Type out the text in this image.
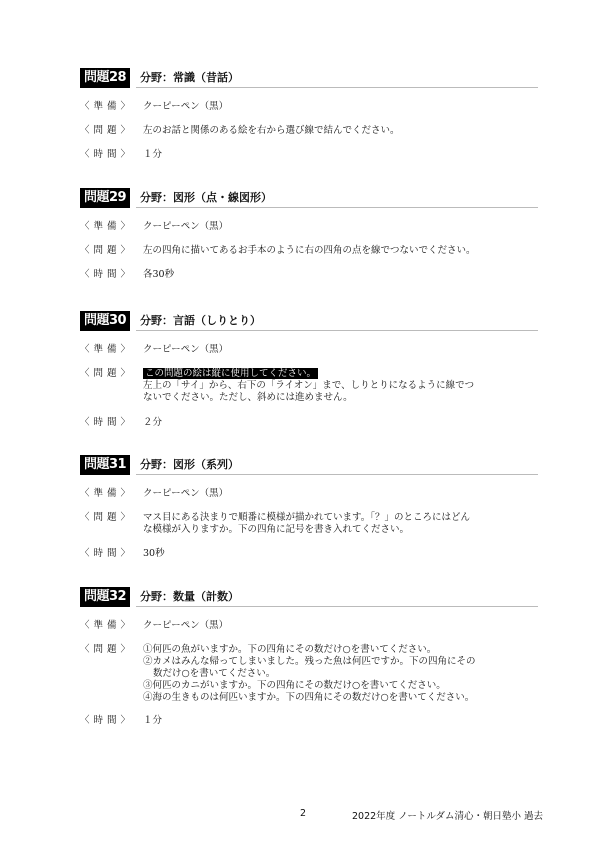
問題28	分野：常識（昔話）
〈 準 備 〉	クーピーペン（黒）
〈 問 題 〉	左のお話と関係のある絵を右から選び線で結んでください。
〈 時 間 〉	１分
問題29	分野：図形（点・線図形）
〈 準 備 〉	クーピーペン（黒）
〈 問 題 〉	左の四角に描いてあるお手本のように右の四角の点を線でつないでください。
〈 時 間 〉	各30秒
問題30	分野：言語（しりとり）
〈 準 備 〉	クーピーペン（黒）
〈 問 題 〉	この問題の絵は縦に使用してください。
左上の「サイ」から、右下の「ライオン」まで、しりとりになるように線でつ
ないでください。ただし、斜めには進めません。
〈 時 間 〉	２分
問題31	分野：図形（系列）
〈 準 備 〉	クーピーペン（黒）
〈 問 題 〉	マス目にある決まりで順番に模様が描かれています。「？」のところにはどん
な模様が入りますか。下の四角に記号を書き入れてください。
〈 時 間 〉	30秒
問題32	分野：数量（計数）
〈 準 備 〉	クーピーペン（黒）
〈 問 題 〉	①何匹の魚がいますか。下の四角にその数だけ○を書いてください。
②カメはみんな帰ってしまいました。残った魚は何匹ですか。下の四角にその
数だけ○を書いてください。
③何匹のカニがいますか。下の四角にその数だけ○を書いてください。
④海の生きものは何匹いますか。下の四角にその数だけ○を書いてください。
〈 時 間 〉	１分
2	2022年度 ノートルダム清心・朝日塾小 過去
